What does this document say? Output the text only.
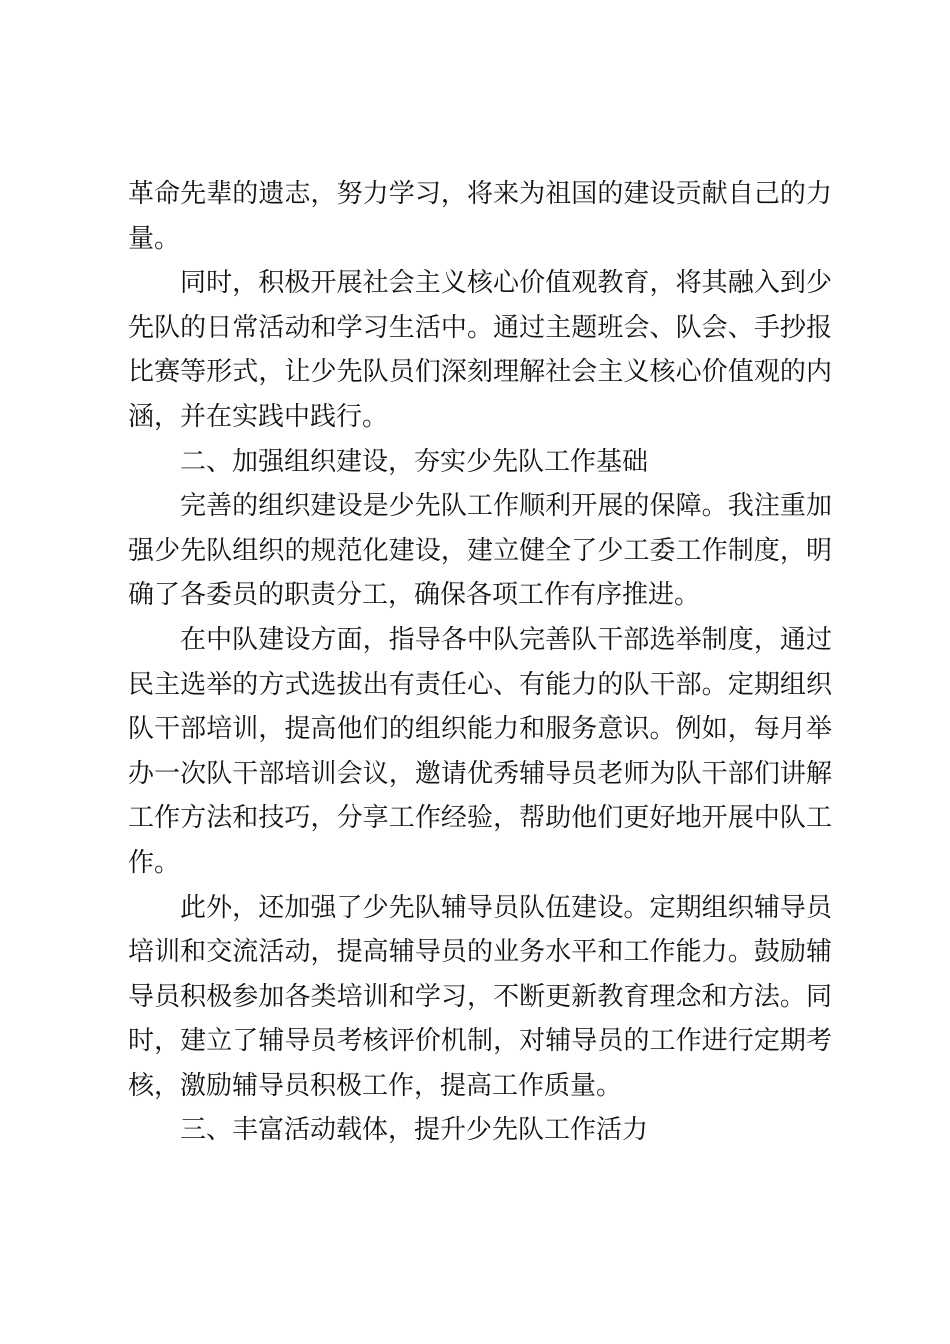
革命先辈的遗志，努力学习，将来为祖国的建设贡献自己的力量。

同时，积极开展社会主义核心价值观教育，将其融入到少先队的日常活动和学习生活中。通过主题班会、队会、手抄报比赛等形式，让少先队员们深刻理解社会主义核心价值观的内涵，并在实践中践行。

二、加强组织建设，夯实少先队工作基础

完善的组织建设是少先队工作顺利开展的保障。我注重加强少先队组织的规范化建设，建立健全了少工委工作制度，明确了各委员的职责分工，确保各项工作有序推进。

在中队建设方面，指导各中队完善队干部选举制度，通过民主选举的方式选拔出有责任心、有能力的队干部。定期组织队干部培训，提高他们的组织能力和服务意识。例如，每月举办一次队干部培训会议，邀请优秀辅导员老师为队干部们讲解工作方法和技巧，分享工作经验，帮助他们更好地开展中队工作。

此外，还加强了少先队辅导员队伍建设。定期组织辅导员培训和交流活动，提高辅导员的业务水平和工作能力。鼓励辅导员积极参加各类培训和学习，不断更新教育理念和方法。同时，建立了辅导员考核评价机制，对辅导员的工作进行定期考核，激励辅导员积极工作，提高工作质量。

三、丰富活动载体，提升少先队工作活力
